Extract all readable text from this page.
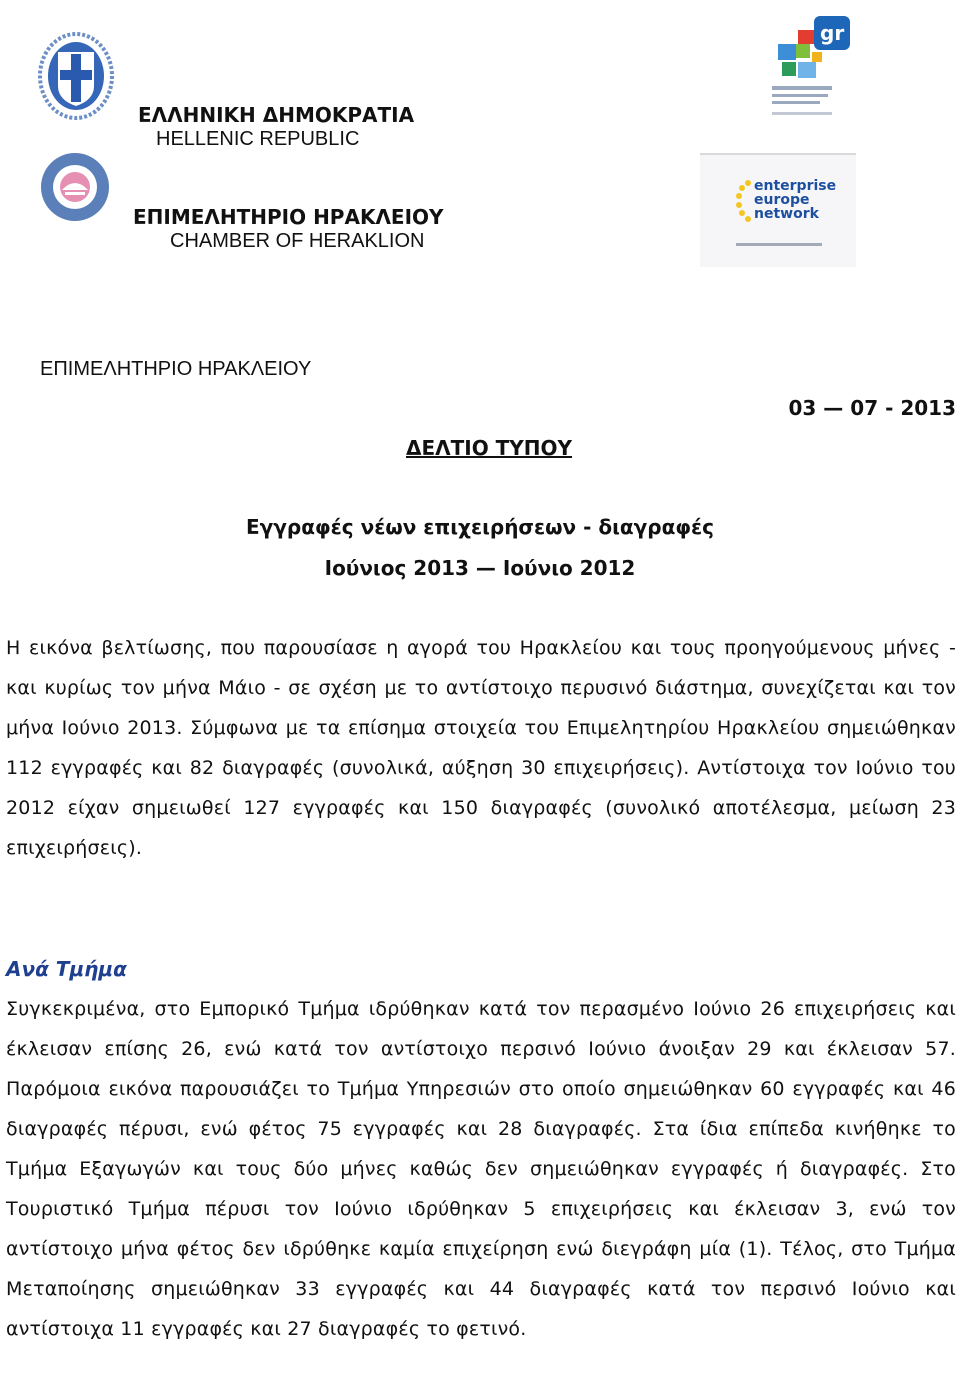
ΕΛΛΗΝΙΚΗ ΔΗΜΟΚΡΑΤΙΑ
HELLENIC REPUBLIC
ΕΠΙΜΕΛΗΤΗΡΙΟ ΗΡΑΚΛΕΙΟΥ
CHAMBER OF HERAKLION
gr
enterprise
europe
network
ΕΠΙΜΕΛΗΤΗΡΙΟ ΗΡΑΚΛΕΙΟΥ
03 — 07 - 2013
ΔΕΛΤΙΟ ΤΥΠΟΥ
Εγγραφές νέων επιχειρήσεων - διαγραφές
Ιούνιος 2013 — Ιούνιο 2012

Η εικόνα βελτίωσης, που παρουσίασε η αγορά του Ηρακλείου και τους προηγούμενους μήνες - και κυρίως τον μήνα Μάιο - σε σχέση με το αντίστοιχο περυσινό διάστημα, συνεχίζεται και τον μήνα Ιούνιο 2013. Σύμφωνα με τα επίσημα στοιχεία του Επιμελητηρίου Ηρακλείου σημειώθηκαν 112 εγγραφές και 82 διαγραφές (συνολικά, αύξηση 30 επιχειρήσεις). Αντίστοιχα τον Ιούνιο του 2012 είχαν σημειωθεί 127 εγγραφές και 150 διαγραφές (συνολικό αποτέλεσμα, μείωση 23 επιχειρήσεις).

Ανά Τμήμα

Συγκεκριμένα, στο Εμπορικό Τμήμα ιδρύθηκαν κατά τον περασμένο Ιούνιο 26 επιχειρήσεις και έκλεισαν επίσης 26, ενώ κατά τον αντίστοιχο περσινό Ιούνιο άνοιξαν 29 και έκλεισαν 57. Παρόμοια εικόνα παρουσιάζει το Τμήμα Υπηρεσιών στο οποίο σημειώθηκαν 60 εγγραφές και 46 διαγραφές πέρυσι, ενώ φέτος 75 εγγραφές και 28 διαγραφές. Στα ίδια επίπεδα κινήθηκε το Τμήμα Εξαγωγών και τους δύο μήνες καθώς δεν σημειώθηκαν εγγραφές ή διαγραφές. Στο Τουριστικό Τμήμα πέρυσι τον Ιούνιο ιδρύθηκαν 5 επιχειρήσεις και έκλεισαν 3, ενώ τον αντίστοιχο μήνα φέτος δεν ιδρύθηκε καμία επιχείρηση ενώ διεγράφη μία (1). Τέλος, στο Τμήμα Μεταποίησης σημειώθηκαν 33 εγγραφές και 44 διαγραφές κατά τον περσινό Ιούνιο και αντίστοιχα 11 εγγραφές και 27 διαγραφές το φετινό.
